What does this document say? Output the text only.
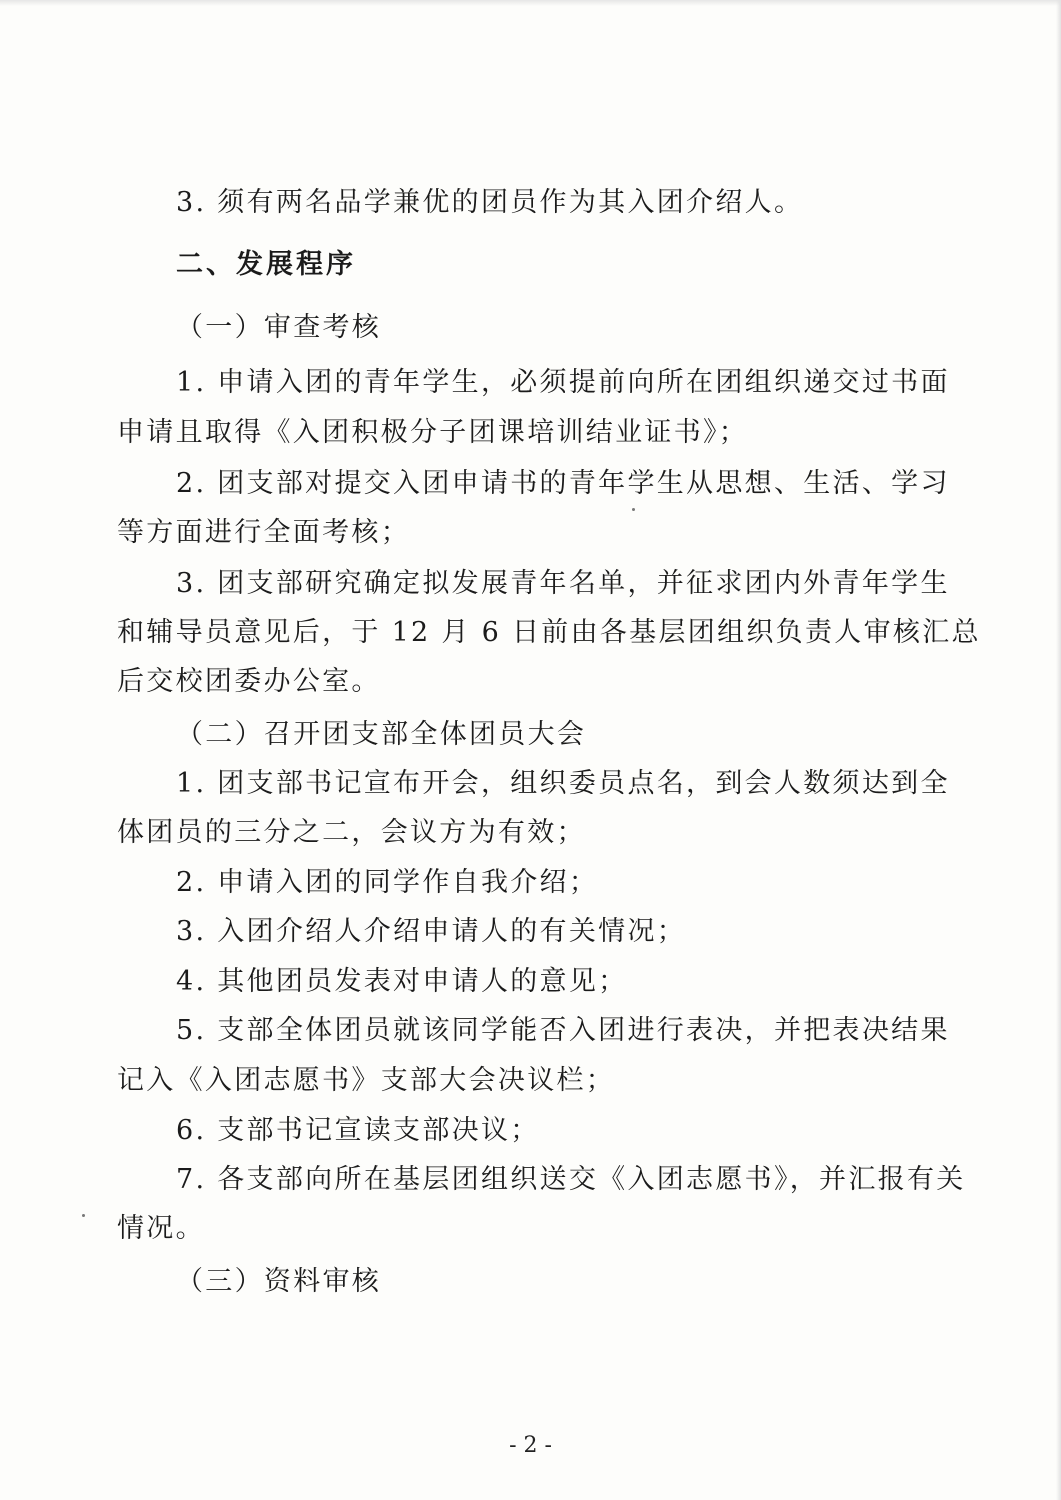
3. 须有两名品学兼优的团员作为其入团介绍人。
二、发展程序
（一）审查考核
1. 申请入团的青年学生，必须提前向所在团组织递交过书面
申请且取得《入团积极分子团课培训结业证书》；
2. 团支部对提交入团申请书的青年学生从思想、生活、学习
等方面进行全面考核；
3. 团支部研究确定拟发展青年名单，并征求团内外青年学生
和辅导员意见后，于 12 月 6 日前由各基层团组织负责人审核汇总
后交校团委办公室。
（二）召开团支部全体团员大会
1. 团支部书记宣布开会，组织委员点名，到会人数须达到全
体团员的三分之二，会议方为有效；
2. 申请入团的同学作自我介绍；
3. 入团介绍人介绍申请人的有关情况；
4. 其他团员发表对申请人的意见；
5. 支部全体团员就该同学能否入团进行表决，并把表决结果
记入《入团志愿书》支部大会决议栏；
6. 支部书记宣读支部决议；
7. 各支部向所在基层团组织送交《入团志愿书》，并汇报有关
情况。
（三）资料审核
- 2 -
